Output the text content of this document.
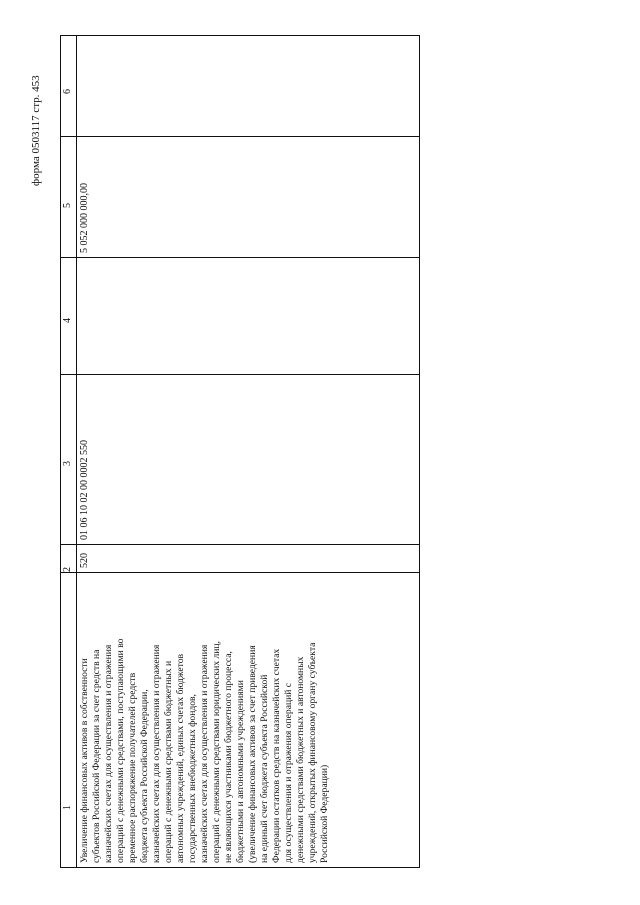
форма 0503117 стр. 453
1
2
3
4
5
6
520
01 06 10 02 00 0002 550
5 052 000 000,00
Увеличение финансовых активов в собственности субъектов Российской Федерации за счет средств на казначейских счетах для осуществления и отражения операций с денежными средствами, поступающими во временное распоряжение получателей средств бюджета субъекта Российской Федерации, казначейских счетах для осуществления и отражения операций с денежными средствами бюджетных и автономных учреждений, единых счетах бюджетов государственных внебюджетных фондов, казначейских счетах для осуществления и отражения операций с денежными средствами юридических лиц, не являющихся участниками бюджетного процесса, бюджетными и автономными учреждениями (увеличение финансовых активов за счет приведения на единый счет бюджета субъекта Российской Федерации остатков средств на казначейских счетах для осуществления и отражения операций с денежными средствами бюджетных и автономных учреждений, открытых финансовому органу субъекта Российской Федерации)
